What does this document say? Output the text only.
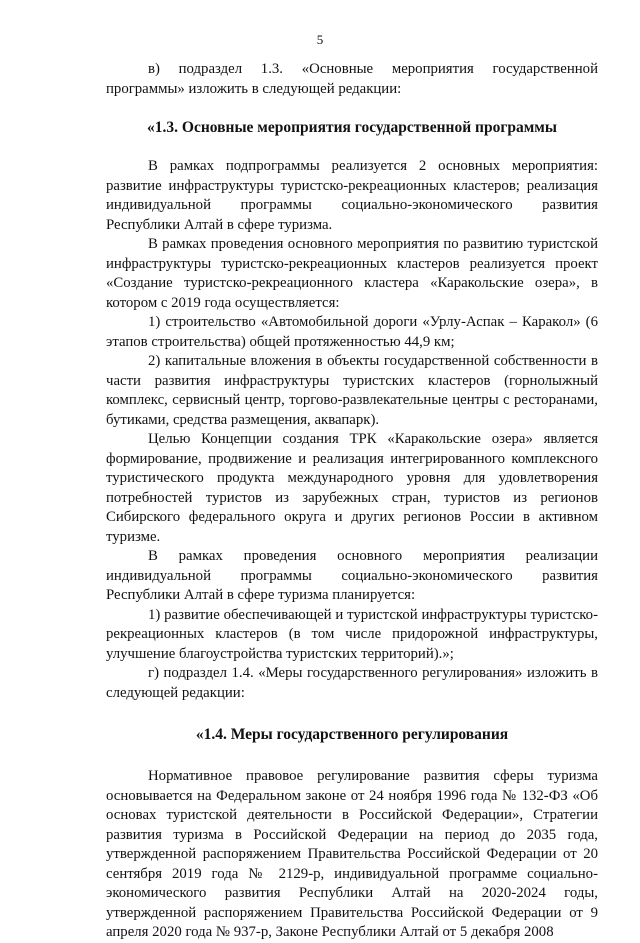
5

в) подраздел 1.3. «Основные мероприятия государственной программы» изложить в следующей редакции:

«1.3. Основные мероприятия государственной программы

В рамках подпрограммы реализуется 2 основных мероприятия: развитие инфраструктуры туристско-рекреационных кластеров; реализация индивидуальной программы социально-экономического развития Республики Алтай в сфере туризма.

В рамках проведения основного мероприятия по развитию туристской инфраструктуры туристско-рекреационных кластеров реализуется проект «Создание туристско-рекреационного кластера «Каракольские озера», в котором с 2019 года осуществляется:

1) строительство «Автомобильной дороги «Урлу-Аспак – Каракол» (6 этапов строительства) общей протяженностью 44,9 км;

2) капитальные вложения в объекты государственной собственности в части развития инфраструктуры туристских кластеров (горнолыжный комплекс, сервисный центр, торгово-развлекательные центры с ресторанами, бутиками, средства размещения, аквапарк).

Целью Концепции создания ТРК «Каракольские озера» является формирование, продвижение и реализация интегрированного комплексного туристического продукта международного уровня для удовлетворения потребностей туристов из зарубежных стран, туристов из регионов Сибирского федерального округа и других регионов России в активном туризме.

В рамках проведения основного мероприятия реализации индивидуальной программы социально-экономического развития Республики Алтай в сфере туризма планируется:

1) развитие обеспечивающей и туристской инфраструктуры туристско-рекреационных кластеров (в том числе придорожной инфраструктуры, улучшение благоустройства туристских территорий).»;

г) подраздел 1.4. «Меры государственного регулирования» изложить в следующей редакции:

«1.4. Меры государственного регулирования

Нормативное правовое регулирование развития сферы туризма основывается на Федеральном законе от 24 ноября 1996 года № 132-ФЗ «Об основах туристской деятельности в Российской Федерации», Стратегии развития туризма в Российской Федерации на период до 2035 года, утвержденной распоряжением Правительства Российской Федерации от 20 сентября 2019 года № 2129-р, индивидуальной программе социально-экономического развития Республики Алтай на 2020-2024 годы, утвержденной распоряжением Правительства Российской Федерации от 9 апреля 2020 года № 937-р, Законе Республики Алтай от 5 декабря 2008
